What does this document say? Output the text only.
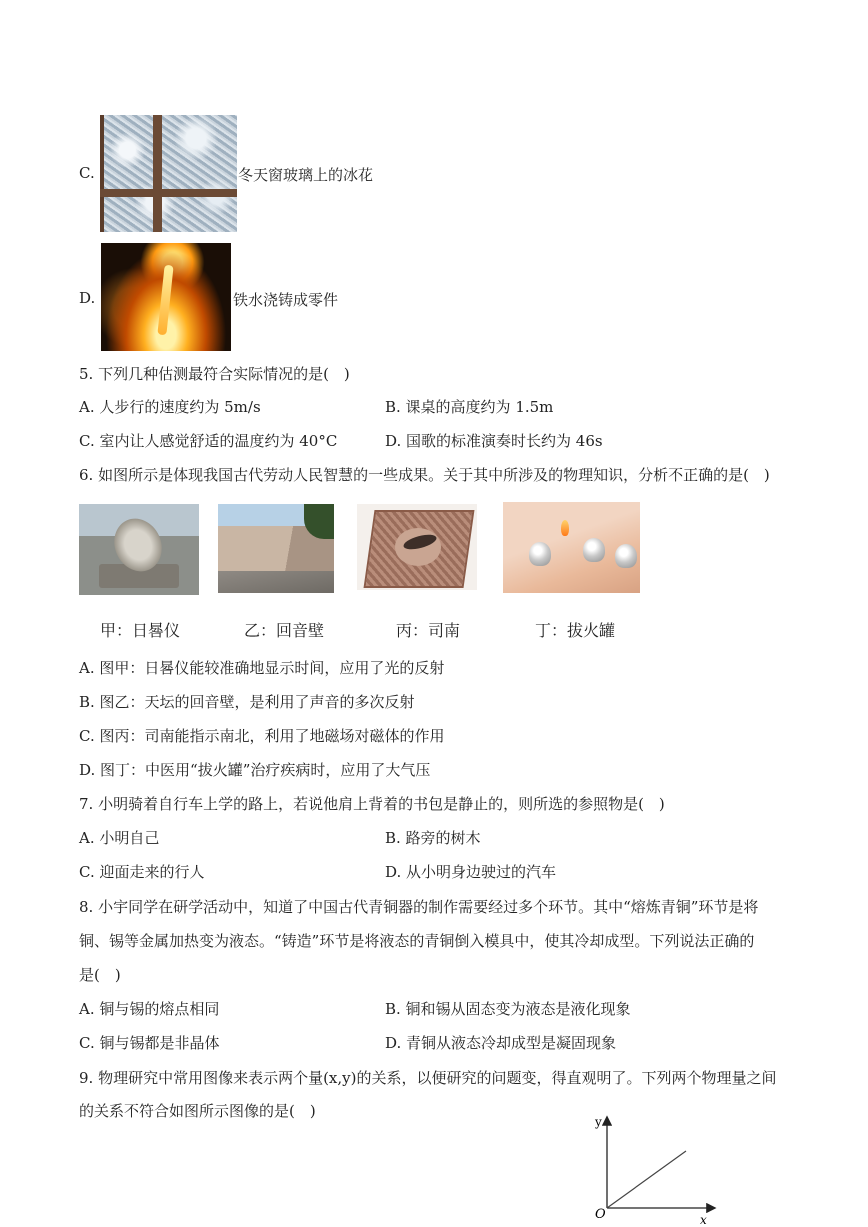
C.	冬天窗玻璃上的冰花
D.	铁水浇铸成零件
5. 下列几种估测最符合实际情况的是(　)
A. 人步行的速度约为 5m/s	B. 课桌的高度约为 1.5m
C. 室内让人感觉舒适的温度约为 40°C	D. 国歌的标准演奏时长约为 46s
6. 如图所示是体现我国古代劳动人民智慧的一些成果。关于其中所涉及的物理知识，分析不正确的是(　)
甲：日晷仪	乙：回音壁	丙：司南	丁：拔火罐
A. 图甲：日晷仪能较准确地显示时间，应用了光的反射
B. 图乙：天坛的回音壁，是利用了声音的多次反射
C. 图丙：司南能指示南北，利用了地磁场对磁体的作用
D. 图丁：中医用“拔火罐”治疗疾病时，应用了大气压
7. 小明骑着自行车上学的路上，若说他肩上背着的书包是静止的，则所选的参照物是(　)
A. 小明自己	B. 路旁的树木
C. 迎面走来的行人	D. 从小明身边驶过的汽车
8. 小宇同学在研学活动中，知道了中国古代青铜器的制作需要经过多个环节。其中“熔炼青铜”环节是将
铜、锡等金属加热变为液态。“铸造”环节是将液态的青铜倒入模具中，使其冷却成型。下列说法正确的
是(　)
A. 铜与锡的熔点相同	B. 铜和锡从固态变为液态是液化现象
C. 铜与锡都是非晶体	D. 青铜从液态冷却成型是凝固现象
9. 物理研究中常用图像来表示两个量(x,y)的关系，以便研究的问题变，得直观明了。下列两个物理量之间
的关系不符合如图所示图像的是(　)
y
x
O
